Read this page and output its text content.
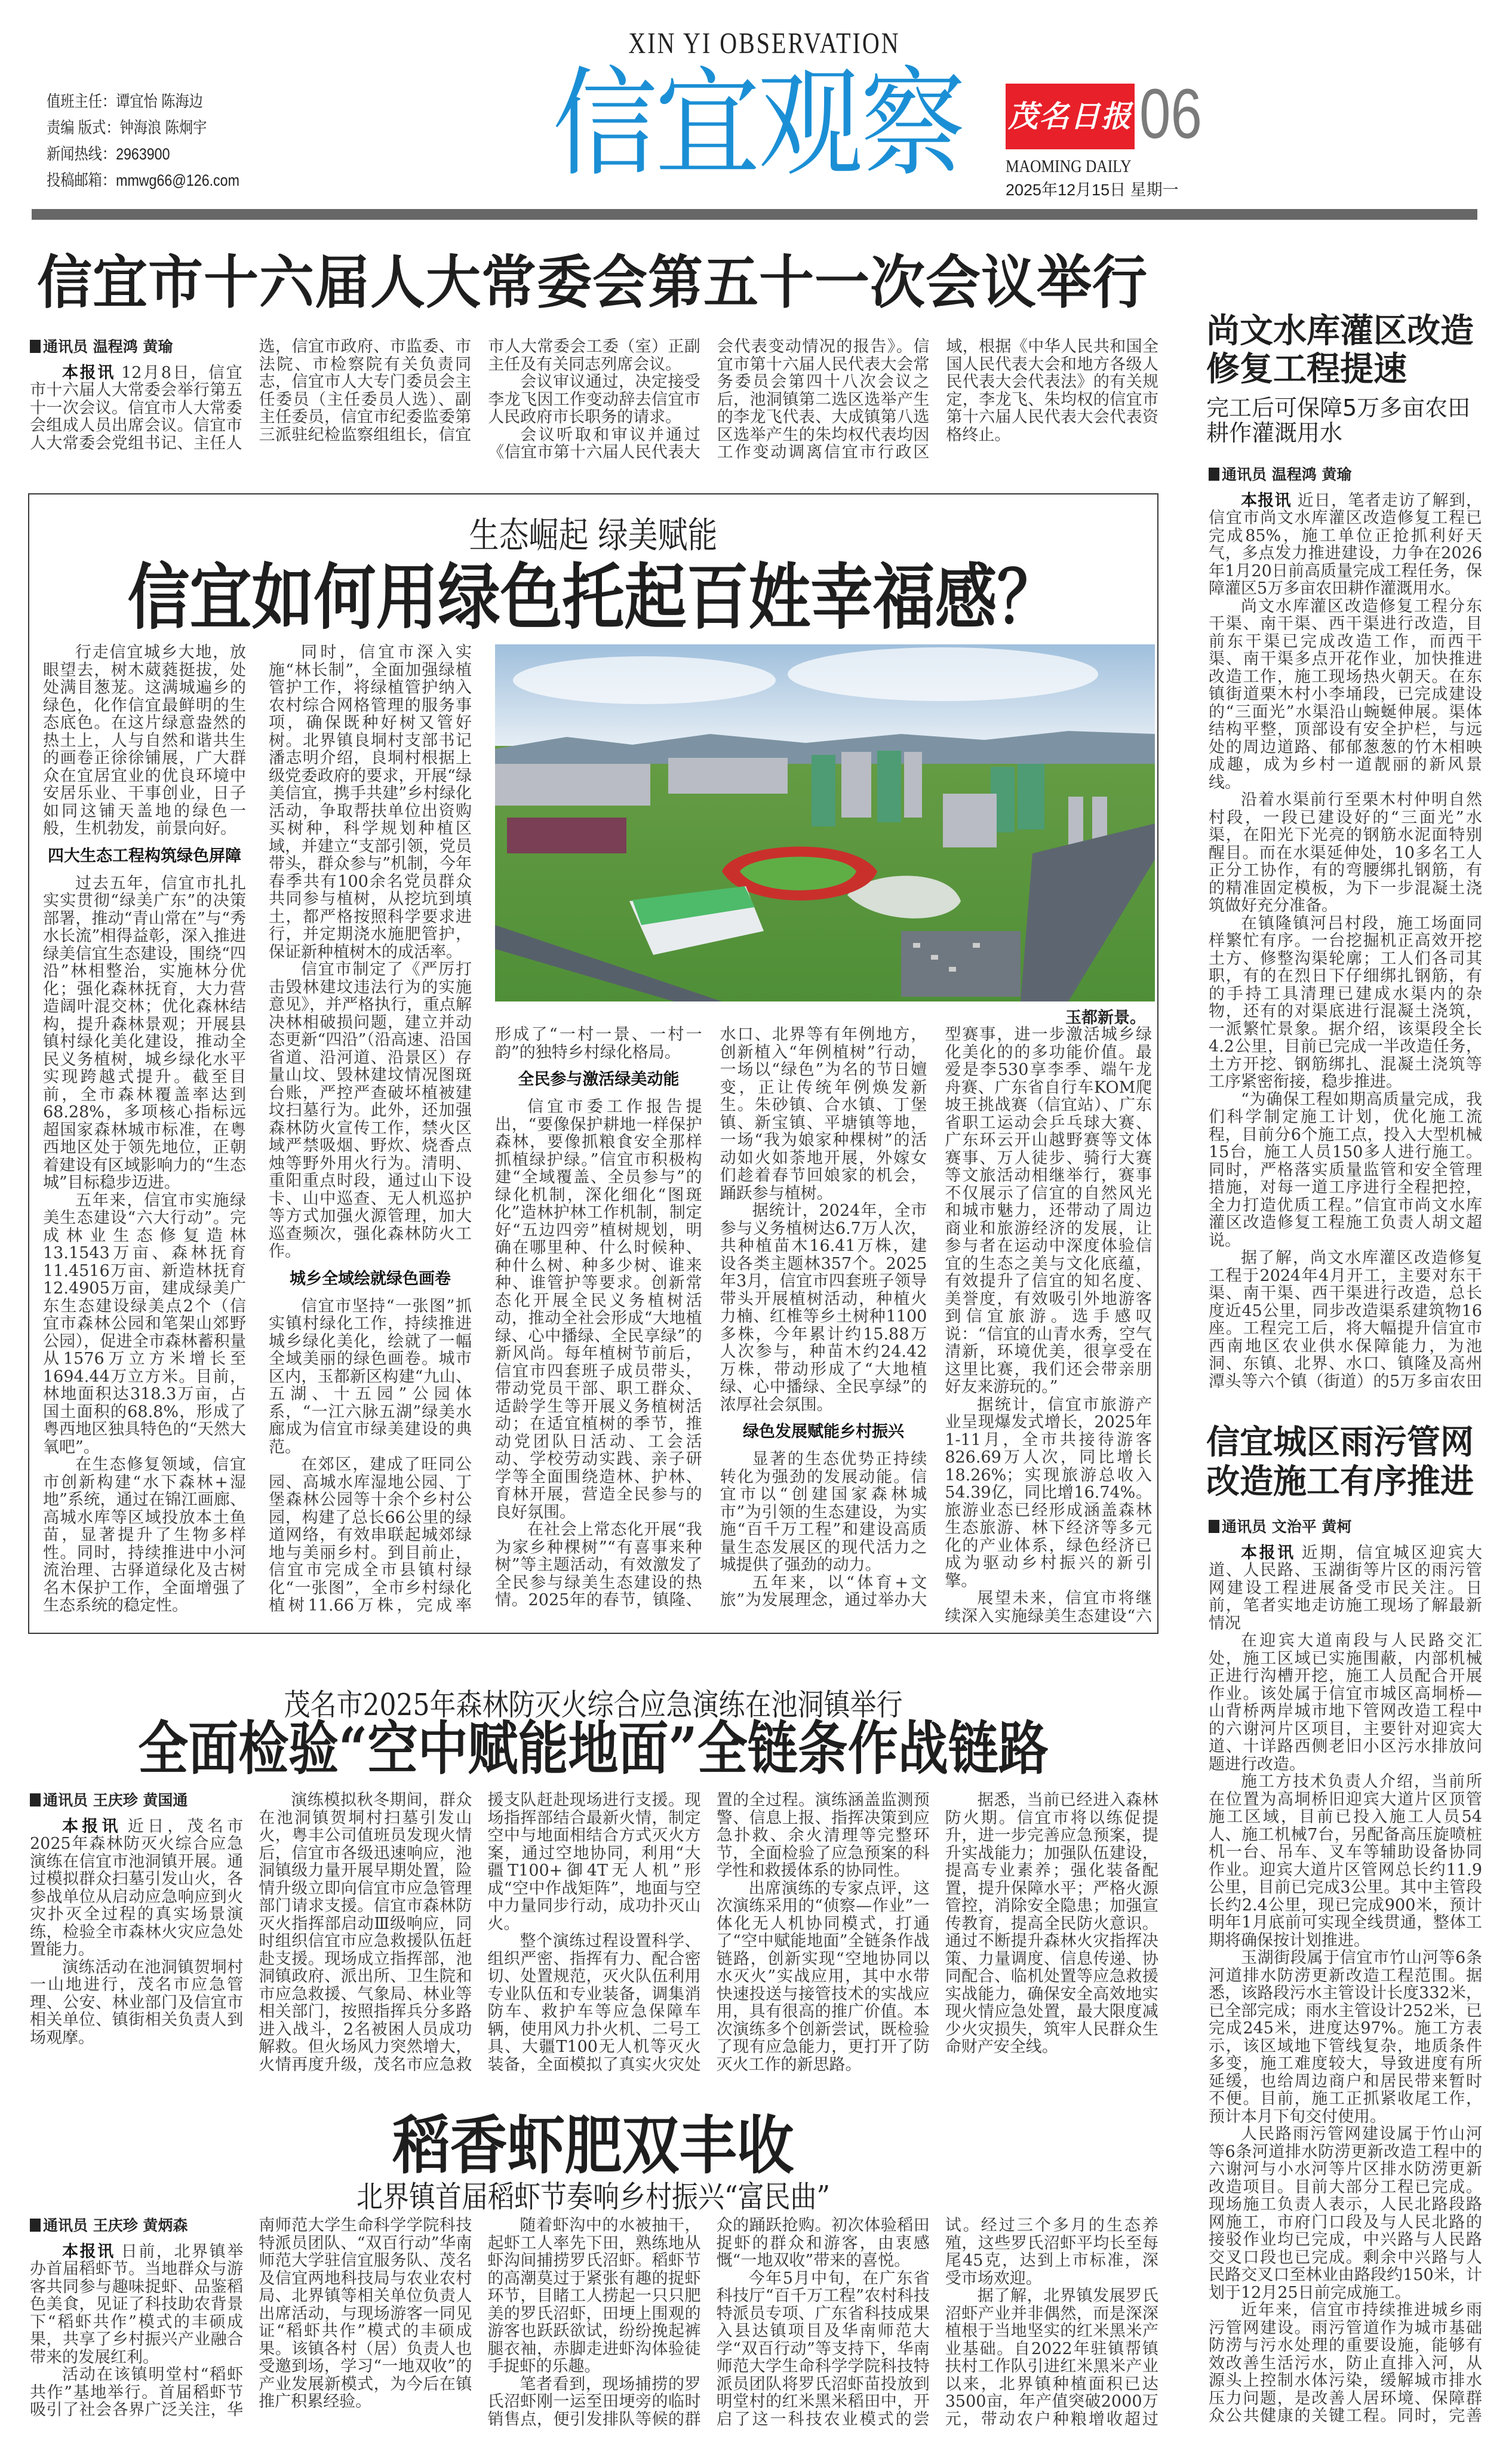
XIN YI OBSERVATION
值班主任：谭宜怡 陈海边
责编 版式：钟海浪 陈炯宇
新闻热线：2963900
投稿邮箱：mmwg66@126.com	信宜观察 茂名日报 06
MAOMING DAILY
2025年12月15日 星期一
信宜市十六届人大常委会第五十一次会议举行
通讯员 温程鸿 黄瑜

本报讯 12月8日，信宜市十六届人大常委会举行第五十一次会议。信宜市人大常委会组成人员出席会议。信宜市人大常委会党组书记、主任人选，信宜市政府、市监委、市法院、市检察院有关负责同志，信宜市人大专门委员会主任委员（主任委员人选）、副主任委员，信宜市纪委监委第三派驻纪检监察组组长，信宜市人大常委会工委（室）正副主任及有关同志列席会议。

会议审议通过，决定接受李龙飞因工作变动辞去信宜市人民政府市长职务的请求。

会议听取和审议并通过《信宜市第十六届人民代表大会代表变动情况的报告》。信宜市第十六届人民代表大会常务委员会第四十八次会议之后，池洞镇第二选区选举产生的李龙飞代表、大成镇第八选区选举产生的朱均权代表均因工作变动调离信宜市行政区域，根据《中华人民共和国全国人民代表大会和地方各级人民代表大会代表法》的有关规定，李龙飞、朱均权的信宜市第十六届人民代表大会代表资格终止。

生态崛起 绿美赋能
信宜如何用绿色托起百姓幸福感？

行走信宜城乡大地，放眼望去，树木葳蕤挺拔，处处满目葱茏。这满城遍乡的绿色，化作信宜最鲜明的生态底色。在这片绿意盎然的热土上，人与自然和谐共生的画卷正徐徐铺展，广大群众在宜居宜业的优良环境中安居乐业、干事创业，日子如同这铺天盖地的绿色一般，生机勃发，前景向好。

四大生态工程构筑绿色屏障

过去五年，信宜市扎扎实实贯彻“绿美广东”的决策部署，推动“青山常在”与“秀水长流”相得益彰，深入推进绿美信宜生态建设，围绕“四沿”林相整治，实施林分优化；强化森林抚育，大力营造阔叶混交林；优化森林结构，提升森林景观；开展县镇村绿化美化建设，推动全民义务植树，城乡绿化水平实现跨越式提升。截至目前，全市森林覆盖率达到68.28%，多项核心指标远超国家森林城市标准，在粤西地区处于领先地位，正朝着建设有区域影响力的“生态城”目标稳步迈进。

五年来，信宜市实施绿美生态建设“六大行动”。完成林业生态修复造林13.1543万亩、森林抚育11.4516万亩、新造林抚育12.4905万亩，建成绿美广东生态建设绿美点2个（信宜市森林公园和笔架山郊野公园），促进全市森林蓄积量从1576万立方米增长至1694.44万立方米。目前，林地面积达318.3万亩，占国土面积的68.8%，形成了粤西地区独具特色的“天然大氧吧”。

在生态修复领域，信宜市创新构建“水下森林+湿地”系统，通过在锦江画廊、高城水库等区域投放本土鱼苗，显著提升了生物多样性。同时，持续推进中小河流治理、古驿道绿化及古树名木保护工作，全面增强了生态系统的稳定性。

同时，信宜市深入实施“林长制”，全面加强绿植管护工作，将绿植管护纳入农村综合网格管理的服务事项，确保既种好树又管好树。北界镇良垌村支部书记潘志明介绍，良垌村根据上级党委政府的要求，开展“绿美信宜，携手共建”乡村绿化活动，争取帮扶单位出资购买树种，科学规划种植区域，并建立“支部引领，党员带头，群众参与”机制，今年春季共有100余名党员群众共同参与植树，从挖坑到填土，都严格按照科学要求进行，并定期浇水施肥管护，保证新种植树木的成活率。

信宜市制定了《严厉打击毁林建坟违法行为的实施意见》，并严格执行，重点解决林相破损问题，建立并动态更新“四沿”（沿高速、沿国省道、沿河道、沿景区）存量山坟、毁林建坟情况图斑台账，严控严查破坏植被建坟扫墓行为。此外，还加强森林防火宣传工作，禁火区域严禁吸烟、野炊、烧香点烛等野外用火行为。清明、重阳重点时段，通过山下设卡、山中巡查、无人机巡护等方式加强火源管理，加大巡查频次，强化森林防火工作。

城乡全域绘就绿色画卷

信宜市坚持“一张图”抓实镇村绿化工作，持续推进城乡绿化美化，绘就了一幅全域美丽的绿色画卷。城市区内，玉都新区构建“九山、五湖、十五园”公园体系，“一江六脉五湖”绿美水廊成为信宜市绿美建设的典范。

在郊区，建成了旺同公园、高城水库湿地公园、丁堡森林公园等十余个乡村公园，构建了总长66公里的绿道网络，有效串联起城郊绿地与美丽乡村。到目前止，信宜市完成全市县镇村绿化“一张图”，全市乡村绿化植树11.66万株，完成率

玉都新景。

形成了“一村一景、一村一韵”的独特乡村绿化格局。

全民参与激活绿美动能

信宜市委工作报告提出，“要像保护耕地一样保护森林，要像抓粮食安全那样抓植绿护绿。”信宜市积极构建“全域覆盖、全员参与”的绿化机制，深化细化“图斑化”造林护林工作机制，制定好“五边四旁”植树规划，明确在哪里种、什么时候种、种什么树、种多少树、谁来种、谁管护等要求。创新常态化开展全民义务植树活动，推动全社会形成“大地植绿、心中播绿、全民享绿”的新风尚。每年植树节前后，信宜市四套班子成员带头，带动党员干部、职工群众、适龄学生等开展义务植树活动；在适宜植树的季节，推动党团队日活动、工会活动、学校劳动实践、亲子研学等全面围绕造林、护林、育林开展，营造全民参与的良好氛围。

在社会上常态化开展“我为家乡种棵树”“有喜事来种树”等主题活动，有效激发了全民参与绿美生态建设的热情。2025年的春节，镇隆、水口、北界等有年例地方，创新植入“年例植树”行动，一场以“绿色”为名的节日嬗变，正让传统年例焕发新生。朱砂镇、合水镇、丁堡镇、新宝镇、平塘镇等地，一场“我为娘家种棵树”的活动如火如荼地开展，外嫁女们趁着春节回娘家的机会，踊跃参与植树。

据统计，2024年，全市参与义务植树达6.7万人次，共种植苗木16.41万株，建设各类主题林357个。2025年3月，信宜市四套班子领导带头开展植树活动，种植火力楠、红椎等乡土树种1100多株，今年累计约15.88万人次参与，种苗木约24.42万株，带动形成了“大地植绿、心中播绿、全民享绿”的浓厚社会氛围。

绿色发展赋能乡村振兴

显著的生态优势正持续转化为强劲的发展动能。信宜市以“创建国家森林城市”为引领的生态建设，为实施“百千万工程”和建设高质量生态发展区的现代活力之城提供了强劲的动力。

五年来，以“体育+文旅”为发展理念，通过举办大型赛事，进一步激活城乡绿化美化的的多功能价值。最爱是李530享李季、端午龙舟赛、广东省自行车KOM爬坡王挑战赛（信宜站）、广东省职工运动会乒乓球大赛、广东环云开山越野赛等文体赛事、万人徒步、骑行大赛等文旅活动相继举行，赛事不仅展示了信宜的自然风光和城市魅力，还带动了周边商业和旅游经济的发展，让参与者在运动中深度体验信宜的生态之美与文化底蕴，有效提升了信宜的知名度、美誉度，有效吸引外地游客到信宜旅游。选手感叹说：“信宜的山青水秀，空气清新，环境优美，很享受在这里比赛，我们还会带亲朋好友来游玩的。”

据统计，信宜市旅游产业呈现爆发式增长，2025年1-11月，全市共接待游客826.69万人次，同比增长18.26%；实现旅游总收入54.39亿，同比增16.74%。旅游业态已经形成涵盖森林生态旅游、林下经济等多元化的产业体系，绿色经济已成为驱动乡村振兴的新引擎。

展望未来，信宜市将继续深入实施绿美生态建设“六

茂名市2025年森林防灭火综合应急演练在池洞镇举行
全面检验“空中赋能地面”全链条作战链路
通讯员 王庆珍 黄国通

本报讯 近日，茂名市2025年森林防灭火综合应急演练在信宜市池洞镇开展。通过模拟群众扫墓引发山火，各参战单位从启动应急响应到火灾扑灭全过程的真实场景演练，检验全市森林火灾应急处置能力。

演练活动在池洞镇贺垌村一山地进行，茂名市应急管理、公安、林业部门及信宜市相关单位、镇街相关负责人到场观摩。

演练模拟秋冬期间，群众在池洞镇贺垌村扫墓引发山火，粤丰公司值班员发现火情后，信宜市各级迅速响应，池洞镇级力量开展早期处置，险情升级立即向信宜市应急管理部门请求支援。信宜市森林防灭火指挥部启动Ⅲ级响应，同时组织信宜市应急救援队伍赶赴支援。现场成立指挥部，池洞镇政府、派出所、卫生院和市应急救援、气象局、林业等相关部门，按照指挥兵分多路进入战斗，2名被困人员成功解救。但火场风力突然增大，火情再度升级，茂名市应急救援支队赶赴现场进行支援。现场指挥部结合最新火情，制定空中与地面相结合方式灭火方案，通过空地协同，利用“大疆T100+御4T无人机”形成“空中作战矩阵”，地面与空中力量同步行动，成功扑灭山火。

整个演练过程设置科学、组织严密、指挥有力、配合密切、处置规范，灭火队伍利用专业队伍和专业装备，调集消防车、救护车等应急保障车辆，使用风力扑火机、二号工具、大疆T100无人机等灭火装备，全面模拟了真实火灾处置的全过程。演练涵盖监测预警、信息上报、指挥决策到应急扑救、余火清理等完整环节，全面检验了应急预案的科学性和救援体系的协同性。

出席演练的专家点评，这次演练采用的“侦察—作业”一体化无人机协同模式，打通了“空中赋能地面”全链条作战链路，创新实现“空地协同以水灭火”实战应用，其中水带快速投送与接管技术的实战应用，具有很高的推广价值。本次演练多个创新尝试，既检验了现有应急能力，更打开了防灭火工作的新思路。

据悉，当前已经进入森林防火期。信宜市将以练促提升，进一步完善应急预案，提升实战能力；加强队伍建设，提高专业素养；强化装备配置，提升保障水平；严格火源管控，消除安全隐患；加强宣传教育，提高全民防火意识。通过不断提升森林火灾指挥决策、力量调度、信息传递、协同配合、临机处置等应急救援实战能力，确保安全高效地实现火情应急处置，最大限度减少火灾损失，筑牢人民群众生命财产安全线。

稻香虾肥双丰收
北界镇首届稻虾节奏响乡村振兴“富民曲”
通讯员 王庆珍 黄炳森

本报讯 日前，北界镇举办首届稻虾节。当地群众与游客共同参与趣味捉虾、品鉴稻色美食，见证了科技助农背景下“稻虾共作”模式的丰硕成果，共享了乡村振兴产业融合带来的发展红利。

活动在该镇明堂村“稻虾共作”基地举行。首届稻虾节吸引了社会各界广泛关注，华南师范大学生命科学学院科技特派员团队、“双百行动”华南师范大学驻信宜服务队、茂名及信宜两地科技局与农业农村局、北界镇等相关单位负责人出席活动，与现场游客一同见证“稻虾共作”模式的丰硕成果。该镇各村（居）负责人也受邀到场，学习“一地双收”的产业发展新模式，为今后在镇推广积累经验。

随着虾沟中的水被抽干，起虾工人率先下田，熟练地从虾沟间捕捞罗氏沼虾。稻虾节的高潮莫过于紧张有趣的捉虾环节，目睹工人捞起一只只肥美的罗氏沼虾，田埂上围观的游客也跃跃欲试，纷纷挽起裤腿衣袖，赤脚走进虾沟体验徒手捉虾的乐趣。

笔者看到，现场捕捞的罗氏沼虾刚一运至田埂旁的临时销售点，便引发排队等候的群众的踊跃抢购。初次体验稻田捉虾的群众和游客，由衷感慨“一地双收”带来的喜悦。

今年5月中旬，在广东省科技厅“百千万工程”农村科技特派员专项、广东省科技成果入县达镇项目及华南师范大学“双百行动”等支持下，华南师范大学生命科学学院科技特派员团队将罗氏沼虾苗投放到明堂村的红米黑米稻田中，开启了这一科技农业模式的尝试。经过三个多月的生态养殖，这些罗氏沼虾平均长至每尾45克，达到上市标准，深受市场欢迎。

据了解，北界镇发展罗氏沼虾产业并非偶然，而是深深植根于当地坚实的红米黑米产业基础。自2022年驻镇帮镇扶村工作队引进红米黑米产业以来，北界镇种植面积已达3500亩，年产值突破2000万元，带动农户种粮增收超过

尚文水库灌区改造修复工程提速
完工后可保障5万多亩农田耕作灌溉用水
通讯员 温程鸿 黄瑜

本报讯 近日，笔者走访了解到，信宜市尚文水库灌区改造修复工程已完成85%，施工单位正抢抓利好天气，多点发力推进建设，力争在2026年1月20日前高质量完成工程任务，保障灌区5万多亩农田耕作灌溉用水。

尚文水库灌区改造修复工程分东干渠、南干渠、西干渠进行改造，目前东干渠已完成改造工作，而西干渠、南干渠多点开花作业，加快推进改造工作，施工现场热火朝天。在东镇街道栗木村小李埇段，已完成建设的“三面光”水渠沿山蜿蜒伸展。渠体结构平整，顶部设有安全护栏，与远处的周边道路、郁郁葱葱的竹木相映成趣，成为乡村一道靓丽的新风景线。

沿着水渠前行至栗木村仲明自然村段，一段已建设好的“三面光”水渠，在阳光下光亮的钢筋水泥面特别醒目。而在水渠延伸处，10多名工人正分工协作，有的弯腰绑扎钢筋，有的精准固定模板，为下一步混凝土浇筑做好充分准备。

在镇隆镇河吕村段，施工场面同样繁忙有序。一台挖掘机正高效开挖土方、修整沟渠轮廓；工人们各司其职，有的在烈日下仔细绑扎钢筋，有的手持工具清理已建成水渠内的杂物，还有的对渠底进行混凝土浇筑，一派繁忙景象。据介绍，该渠段全长4.2公里，目前已完成一半改造任务，土方开挖、钢筋绑扎、混凝土浇筑等工序紧密衔接，稳步推进。

“为确保工程如期高质量完成，我们科学制定施工计划，优化施工流程，目前分6个施工点，投入大型机械15台，施工人员150多人进行施工。同时，严格落实质量监管和安全管理措施，对每一道工序进行全程把控，全力打造优质工程。”信宜市尚文水库灌区改造修复工程施工负责人胡文超说。

据了解，尚文水库灌区改造修复工程于2024年4月开工，主要对东干渠、南干渠、西干渠进行改造，总长度近45公里，同步改造渠系建筑物16座。工程完工后，将大幅提升信宜市西南地区农业供水保障能力，为池洞、东镇、北界、水口、镇隆及高州潭头等六个镇（街道）的5万多亩农田

信宜城区雨污管网改造施工有序推进
通讯员 文治平 黄柯

本报讯 近期，信宜城区迎宾大道、人民路、玉湖街等片区的雨污管网建设工程进展备受市民关注。日前，笔者实地走访施工现场了解最新情况

在迎宾大道南段与人民路交汇处，施工区域已实施围蔽，内部机械正进行沟槽开挖，施工人员配合开展作业。该处属于信宜市城区高垌桥—山背桥两岸城市地下管网改造工程中的六谢河片区项目，主要针对迎宾大道、十详路西侧老旧小区污水排放问题进行改造。

施工方技术负责人介绍，当前所在位置为高垌桥旧迎宾大道片区顶管施工区域，目前已投入施工人员54人、施工机械7台，另配备高压旋喷桩机一台、吊车、叉车等辅助设备协同作业。迎宾大道片区管网总长约11.9公里，目前已完成3公里。其中主管段长约2.4公里，现已完成900米，预计明年1月底前可实现全线贯通，整体工期将确保按计划推进。

玉湖街段属于信宜市竹山河等6条河道排水防涝更新改造工程范围。据悉，该路段污水主管设计长度332米，已全部完成；雨水主管设计252米，已完成245米，进度达97%。施工方表示，该区域地下管线复杂，地质条件多变，施工难度较大，导致进度有所延缓，也给周边商户和居民带来暂时不便。目前，施工正抓紧收尾工作，预计本月下旬交付使用。

人民路雨污管网建设属于竹山河等6条河道排水防涝更新改造工程中的六谢河与小水河等片区排水防涝更新改造项目。目前大部分工程已完成。现场施工负责人表示，人民北路段路网施工，市府门口段及与人民北路的接驳作业均已完成，中兴路与人民路交叉口段也已完成。剩余中兴路与人民路交叉口至林业由路段约150米，计划于12月25日前完成施工。

近年来，信宜市持续推进城乡雨污管网建设。雨污管道作为城市基础防涝与污水处理的重要设施，能够有效改善生活污水，防止直排入河，从源头上控制水体污染，缓解城市排水压力问题，是改善人居环境、保障群众公共健康的关键工程。同时，完善
